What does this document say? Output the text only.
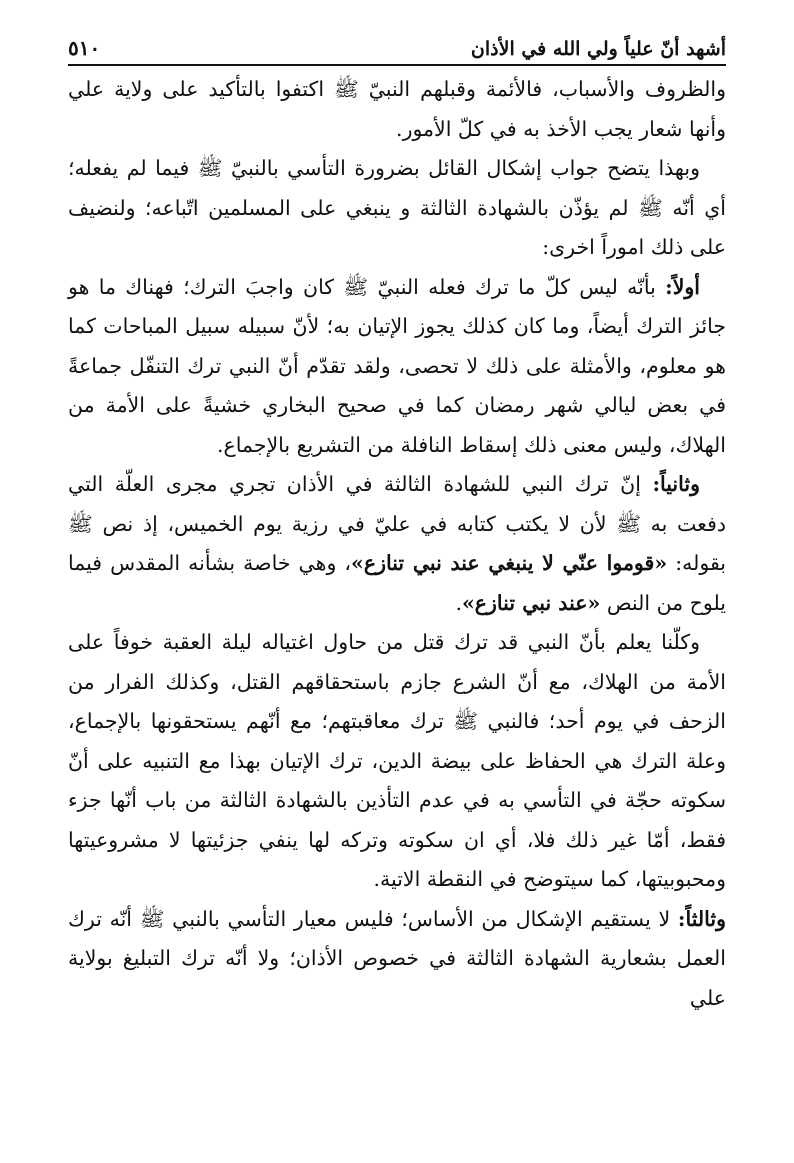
أشهد أنّ علياً ولي الله في الأذان
٥١٠

والظروف والأسباب، فالأئمة وقبلهم النبيّ ﷺ اكتفوا بالتأكيد على ولاية علي وأنها شعار يجب الأخذ به في كلّ الأمور.

وبهذا يتضح جواب إشكال القائل بضرورة التأسي بالنبيّ ﷺ فيما لم يفعله؛ أي أنّه ﷺ لم يؤذّن بالشهادة الثالثة و ينبغي على المسلمين اتّباعه؛ ولنضيف على ذلك اموراً اخرى:

أولاً: بأنّه ليس كلّ ما ترك فعله النبيّ ﷺ كان واجبَ الترك؛ فهناك ما هو جائز الترك أيضاً، وما كان كذلك يجوز الإتيان به؛ لأنّ سبيله سبيل المباحات كما هو معلوم، والأمثلة على ذلك لا تحصى، ولقد تقدّم أنّ النبي ترك التنفّل جماعةً في بعض ليالي شهر رمضان كما في صحيح البخاري خشيةً على الأمة من الهلاك، وليس معنى ذلك إسقاط النافلة من التشريع بالإجماع.

وثانياً: إنّ ترك النبي للشهادة الثالثة في الأذان تجري مجرى العلّة التي دفعت به ﷺ لأن لا يكتب كتابه في عليّ في رزية يوم الخميس، إذ نص ﷺ بقوله: «قوموا عنّي لا ينبغي عند نبي تنازع»، وهي خاصة بشأنه المقدس فيما يلوح من النص «عند نبي تنازع».

وكلّنا يعلم بأنّ النبي قد ترك قتل من حاول اغتياله ليلة العقبة خوفاً على الأمة من الهلاك، مع أنّ الشرع جازم باستحقاقهم القتل، وكذلك الفرار من الزحف في يوم أحد؛ فالنبي ﷺ ترك معاقبتهم؛ مع أنّهم يستحقونها بالإجماع، وعلة الترك هي الحفاظ على بيضة الدين، ترك الإتيان بهذا مع التنبيه على أنّ سكوته حجّة في التأسي به في عدم التأذين بالشهادة الثالثة من باب أنّها جزء فقط، أمّا غير ذلك فلا، أي ان سكوته وتركه لها ينفي جزئيتها لا مشروعيتها ومحبوبيتها، كما سيتوضح في النقطة الاتية.

وثالثاً: لا يستقيم الإشكال من الأساس؛ فليس معيار التأسي بالنبي ﷺ أنّه ترك العمل بشعارية الشهادة الثالثة في خصوص الأذان؛ ولا أنّه ترك التبليغ بولاية علي
